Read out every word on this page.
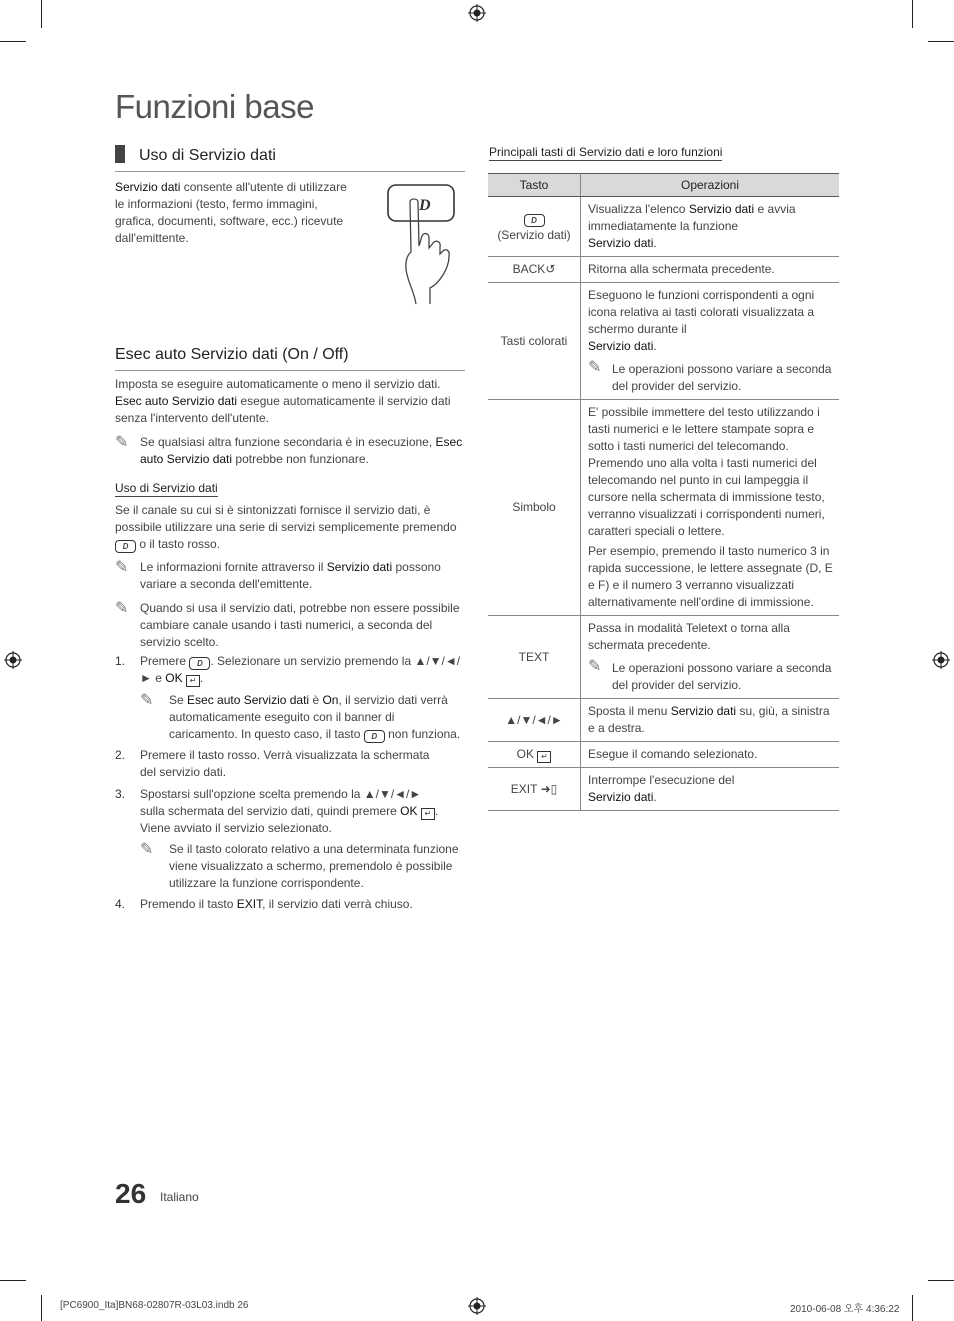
Funzioni base
Uso di Servizio dati
Servizio dati consente all'utente di utilizzare le informazioni (testo, fermo immagini, grafica, documenti, software, ecc.) ricevute dall'emittente.
D
Esec auto Servizio dati (On / Off)
Imposta se eseguire automaticamente o meno il servizio dati. Esec auto Servizio dati esegue automaticamente il servizio dati senza l'intervento dell'utente.
✎ Se qualsiasi altra funzione secondaria è in esecuzione, Esec auto Servizio dati potrebbe non funzionare.
Uso di Servizio dati
Se il canale su cui si è sintonizzati fornisce il servizio dati, è possibile utilizzare una serie di servizi semplicemente premendo D o il tasto rosso.
✎ Le informazioni fornite attraverso il Servizio dati possono variare a seconda dell'emittente.
✎ Quando si usa il servizio dati, potrebbe non essere possibile cambiare canale usando i tasti numerici, a seconda del servizio scelto.
1. Premere D . Selezionare un servizio premendo la ▲/▼/◄/► e OK ↵ .
✎ Se Esec auto Servizio dati è On, il servizio dati verrà automaticamente eseguito con il banner di caricamento. In questo caso, il tasto D non funziona.
2. Premere il tasto rosso. Verrà visualizzata la schermata del servizio dati.
3. Spostarsi sull'opzione scelta premendo la ▲/▼/◄/► sulla schermata del servizio dati, quindi premere OK ↵ . Viene avviato il servizio selezionato.
✎ Se il tasto colorato relativo a una determinata funzione viene visualizzato a schermo, premendolo è possibile utilizzare la funzione corrispondente.
4. Premendo il tasto EXIT, il servizio dati verrà chiuso.
Principali tasti di Servizio dati e loro funzioni
Tasto	Operazioni
D
(Servizio dati)	Visualizza l'elenco Servizio dati e avvia immediatamente la funzione
Servizio dati.
BACK↺	Ritorna alla schermata precedente.
Tasti colorati	Eseguono le funzioni corrispondenti a ogni icona relativa ai tasti colorati visualizzata a schermo durante il
Servizio dati.
✎ Le operazioni possono variare a seconda del provider del servizio.

Simbolo	E' possibile immettere del testo utilizzando i tasti numerici e le lettere stampate sopra e sotto i tasti numerici del telecomando. Premendo uno alla volta i tasti numerici del telecomando nel punto in cui lampeggia il cursore nella schermata di immissione testo, verranno visualizzati i corrispondenti numeri, caratteri speciali o lettere.
Per esempio, premendo il tasto numerico 3 in rapida successione, le lettere assegnate (D, E e F) e il numero 3 verranno visualizzati alternativamente nell'ordine di immissione.

TEXT	Passa in modalità Teletext o torna alla schermata precedente.
✎ Le operazioni possono variare a seconda del provider del servizio.

▲/▼/◄/►	Sposta il menu Servizio dati su, giù, a sinistra e a destra.
OK ↵	Esegue il comando selezionato.
EXIT ➜▯	Interrompe l'esecuzione del
Servizio dati.
26 Italiano
[PC6900_Ita]BN68-02807R-03L03.indb 26	2010-06-08 오후 4:36:22
